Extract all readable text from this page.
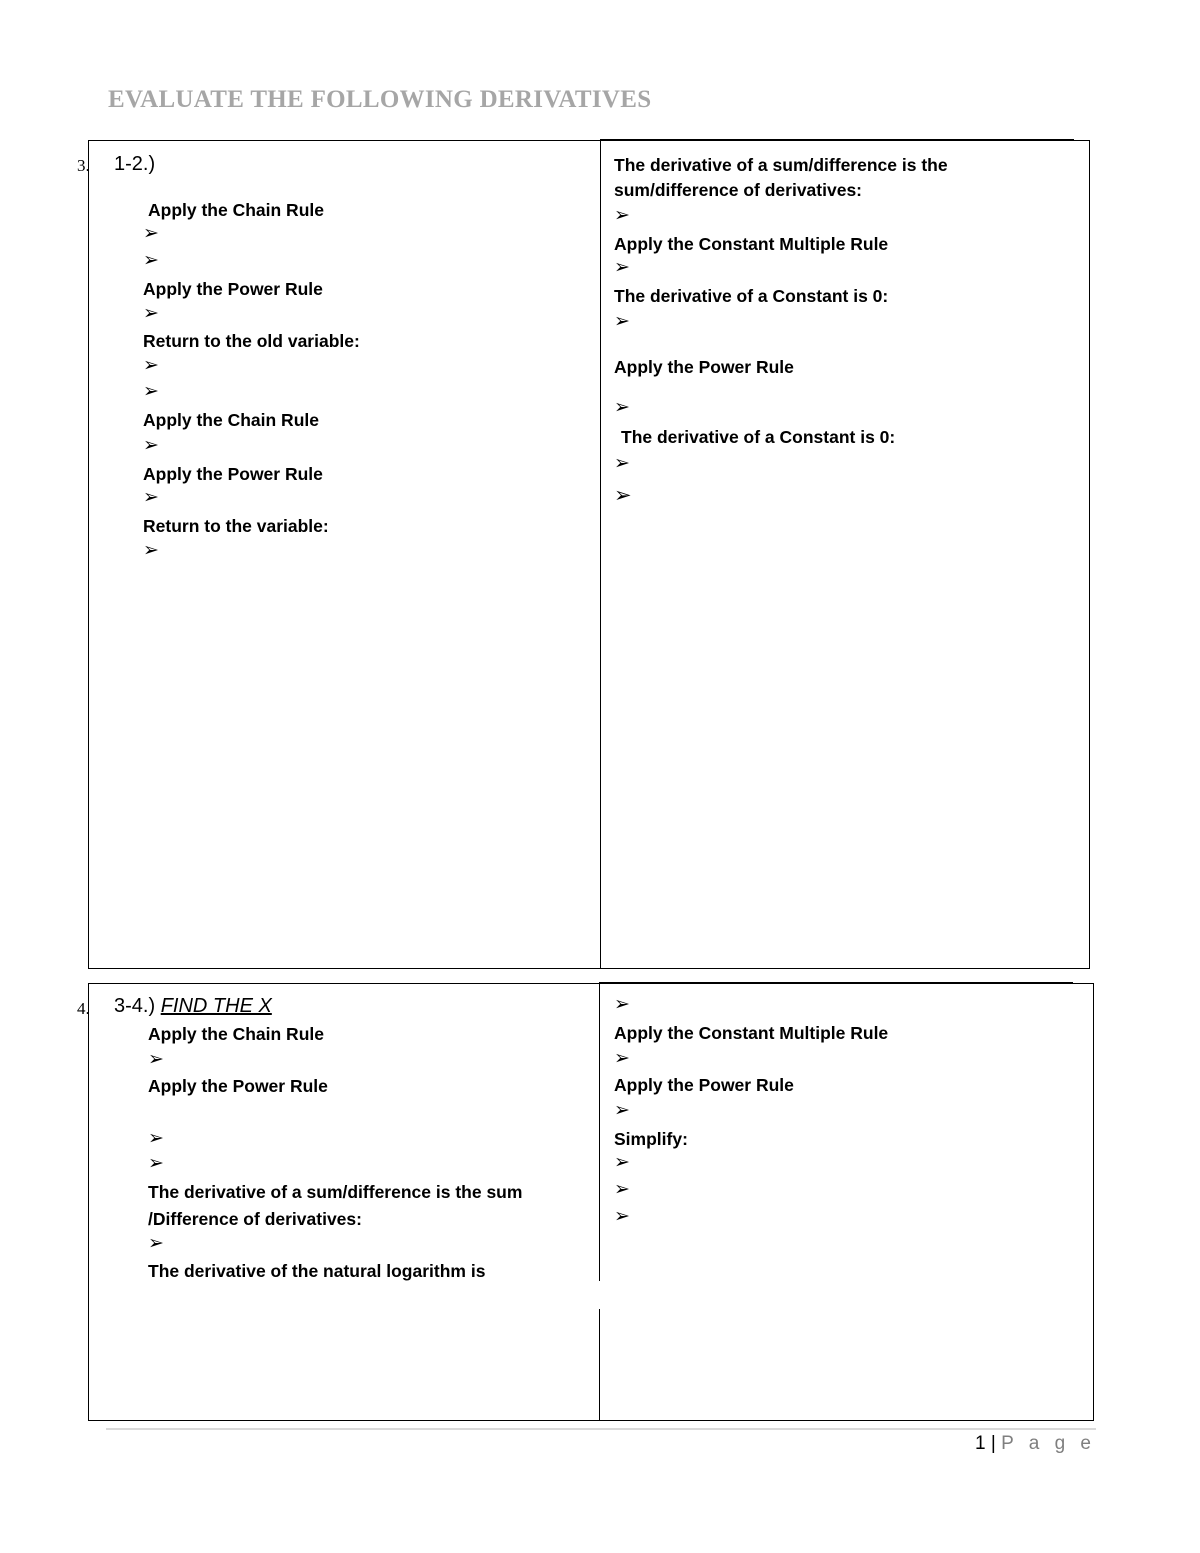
EVALUATE THE FOLLOWING DERIVATIVES
3. 1-2.)
Apply the Chain Rule
➢
➢
Apply the Power Rule
➢
Return to the old variable:
➢
➢
Apply the Chain Rule
➢
Apply the Power Rule
➢
Return to the variable:
➢
The derivative of a sum/difference is the
sum/difference of derivatives:
➢
Apply the Constant Multiple Rule
➢
The derivative of a Constant is 0:
➢
Apply the Power Rule
➢
The derivative of a Constant is 0:
➢
➢
4. 3-4.) FIND THE X
Apply the Chain Rule
➢
Apply the Power Rule
➢
➢
The derivative of a sum/difference is the sum
/Difference of derivatives:
➢
The derivative of the natural logarithm is
➢
Apply the Constant Multiple Rule
➢
Apply the Power Rule
➢
Simplify:
➢
➢
➢
1 | P a g e
